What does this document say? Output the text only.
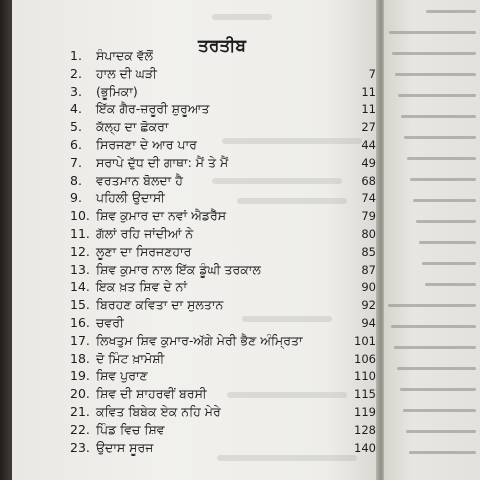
ਤਰਤੀਬ
1. ਸੰਪਾਦਕ ਵੱਲੋਂ
2. ਹਾਲ ਦੀ ਘੜੀ	7
3. (ਭੂਮਿਕਾ)	11
4. ਇੱਕ ਗੈਰ-ਜ਼ਰੂਰੀ ਸ਼ੁਰੂਆਤ	11
5. ਕੱਲ੍ਹ ਦਾ ਛੋਕਰਾ	27
6. ਸਿਰਜਣਾ ਦੇ ਆਰ ਪਾਰ	44
7. ਸਰਾਪੇ ਦੁੱਧ ਦੀ ਗਾਥਾ: ਮੈਂ ਤੇ ਮੈਂ	49
8. ਵਰਤਮਾਨ ਬੋਲਦਾ ਹੈ	68
9. ਪਹਿਲੀ ਉਦਾਸੀ	74
10. ਸ਼ਿਵ ਕੁਮਾਰ ਦਾ ਨਵਾਂ ਐਡਰੈੱਸ	79
11. ਗੱਲਾਂ ਰਹਿ ਜਾਂਦੀਆਂ ਨੇ	80
12. ਲੂਣਾ ਦਾ ਸਿਰਜਣਹਾਰ	85
13. ਸ਼ਿਵ ਕੁਮਾਰ ਨਾਲ ਇੱਕ ਡੂੰਘੀ ਤਰਕਾਲ	87
14. ਇਕ ਖ਼ਤ ਸ਼ਿਵ ਦੇ ਨਾਂ	90
15. ਬਿਰਹਣ ਕਵਿਤਾ ਦਾ ਸੁਲਤਾਨ	92
16. ਚਵਰੀ	94
17. ਲਿਖਤੁਮ ਸ਼ਿਵ ਕੁਮਾਰ-ਅੱਗੇ ਮੇਰੀ ਭੈਣ ਅੰਮ੍ਰਿਤਾ	101
18. ਦੋ ਮਿੰਟ ਖ਼ਾਮੋਸ਼ੀ	106
19. ਸ਼ਿਵ ਪੁਰਾਣ	110
20. ਸ਼ਿਵ ਦੀ ਸ਼ਾਹਰਵੀਂ ਬਰਸੀ	115
21. ਕਵਿਤ ਬਿਬੇਕ ਏਕ ਨਹਿ ਮੇਰੇ	119
22. ਪਿੰਡ ਵਿਚ ਸ਼ਿਵ	128
23. ਉਦਾਸ ਸੂਰਜ	140
